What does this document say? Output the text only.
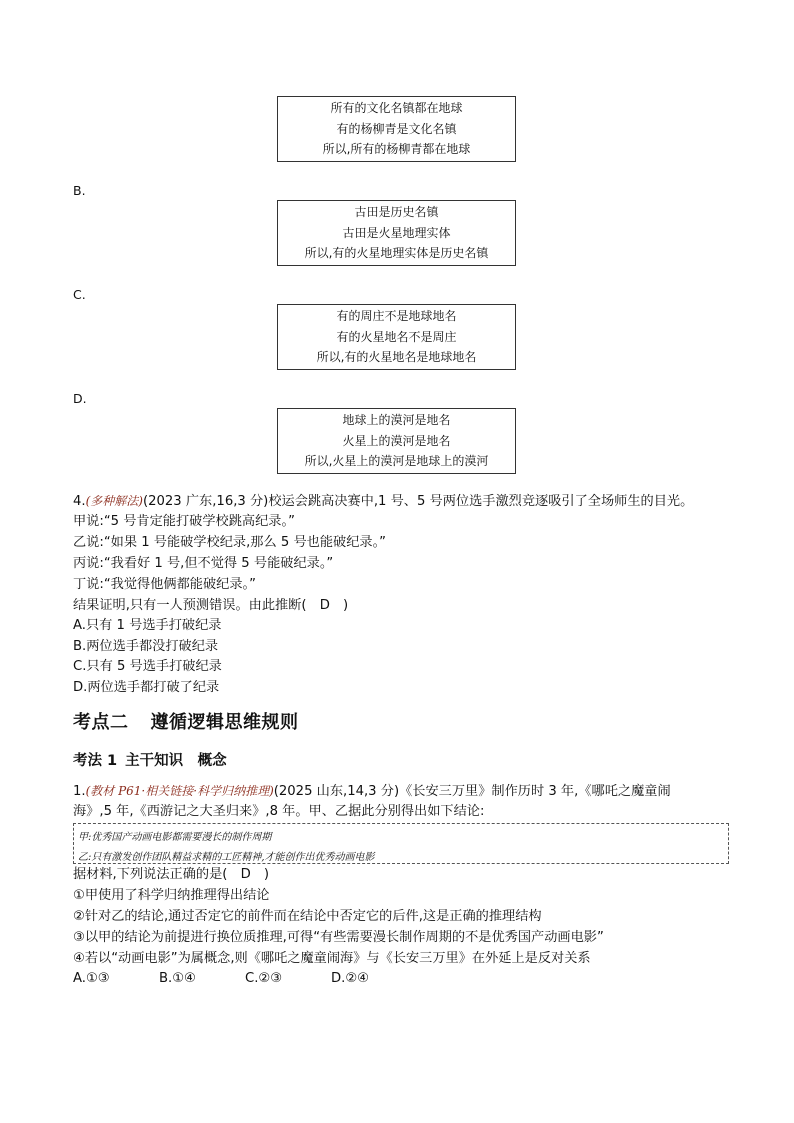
所有的文化名镇都在地球
有的杨柳青是文化名镇
所以,所有的杨柳青都在地球
B.
古田是历史名镇
古田是火星地理实体
所以,有的火星地理实体是历史名镇
C.
有的周庄不是地球地名
有的火星地名不是周庄
所以,有的火星地名是地球地名
D.
地球上的漠河是地名
火星上的漠河是地名
所以,火星上的漠河是地球上的漠河
4.(多种解法)(2023 广东,16,3 分)校运会跳高决赛中,1 号、5 号两位选手激烈竞逐吸引了全场师生的目光。
甲说:“5 号肯定能打破学校跳高纪录。”
乙说:“如果 1 号能破学校纪录,那么 5 号也能破纪录。”
丙说:“我看好 1 号,但不觉得 5 号能破纪录。”
丁说:“我觉得他俩都能破纪录。”
结果证明,只有一人预测错误。由此推断(　D　)
A.只有 1 号选手打破纪录
B.两位选手都没打破纪录
C.只有 5 号选手打破纪录
D.两位选手都打破了纪录
考点二 遵循逻辑思维规则
考法 1 主干知识　概念
1.(教材 P61·相关链接·科学归纳推理)(2025 山东,14,3 分)《长安三万里》制作历时 3 年,《哪吒之魔童闹
海》,5 年,《西游记之大圣归来》,8 年。甲、乙据此分别得出如下结论:
甲:优秀国产动画电影都需要漫长的制作周期
乙:只有激发创作团队精益求精的工匠精神,才能创作出优秀动画电影
据材料,下列说法正确的是(　D　)
①甲使用了科学归纳推理得出结论
②针对乙的结论,通过否定它的前件而在结论中否定它的后件,这是正确的推理结构
③以甲的结论为前提进行换位质推理,可得“有些需要漫长制作周期的不是优秀国产动画电影”
④若以“动画电影”为属概念,则《哪吒之魔童闹海》与《长安三万里》在外延上是反对关系
A.①③	B.①④	C.②③	D.②④
